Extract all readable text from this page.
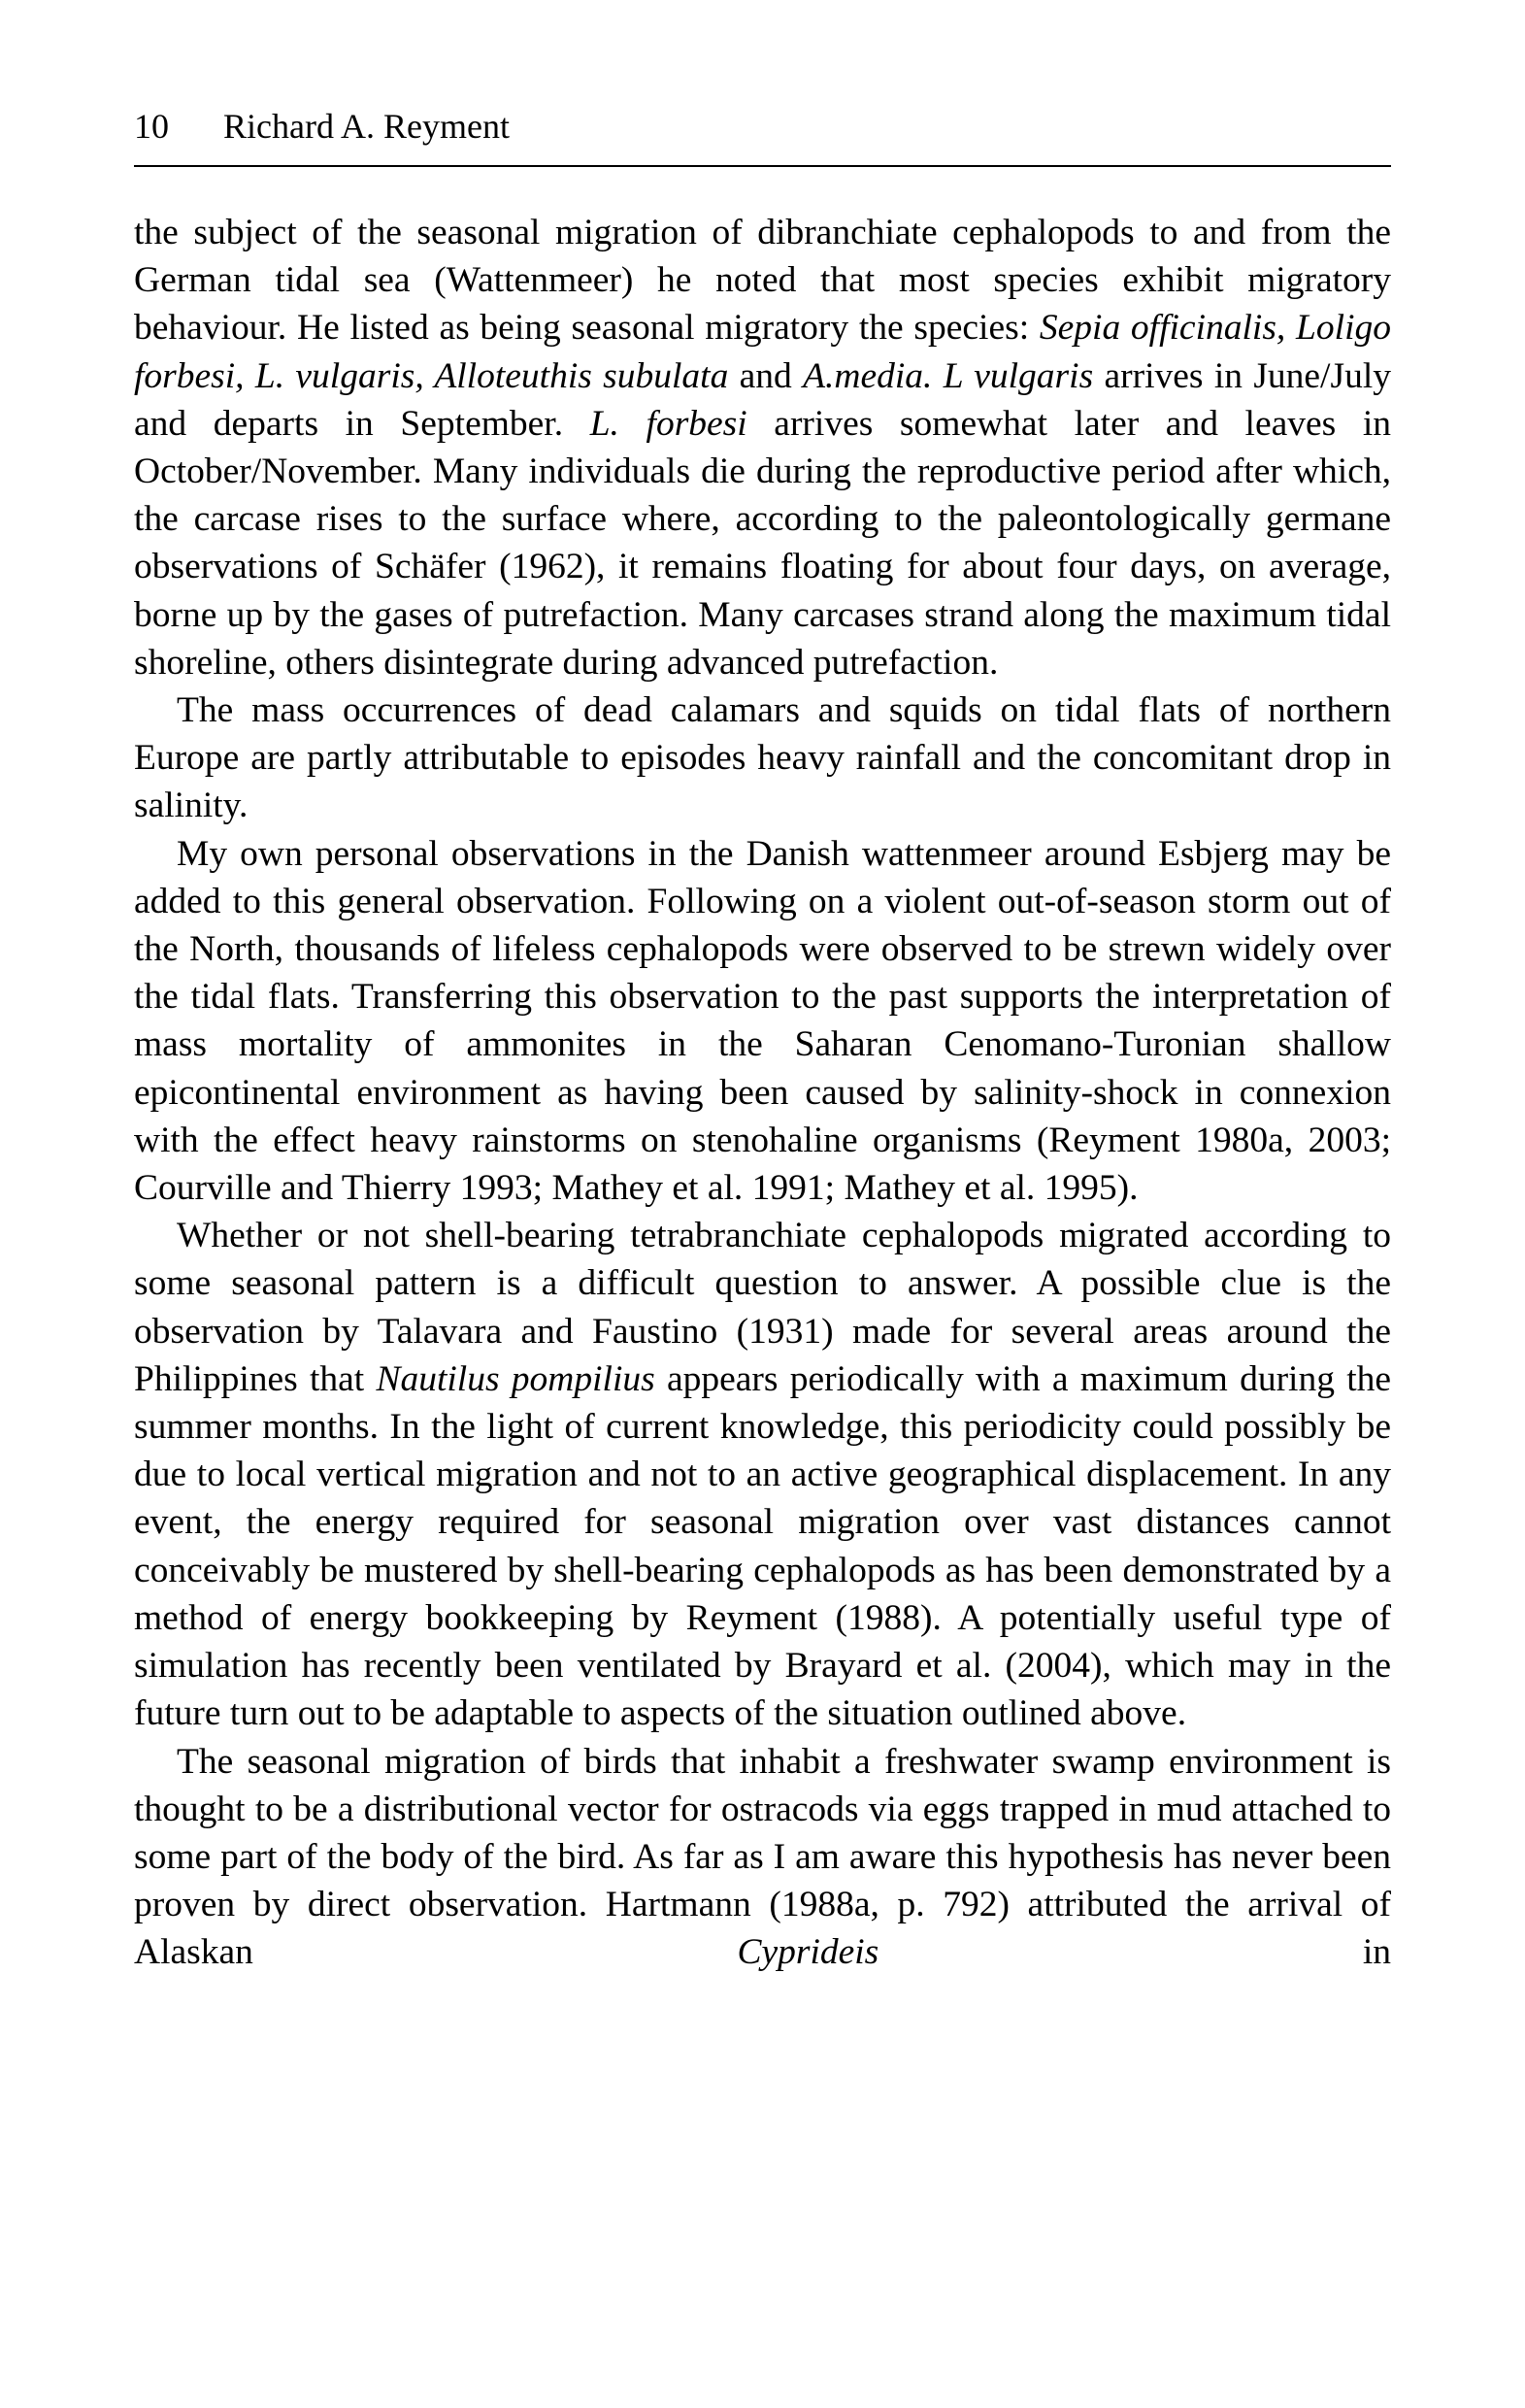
10 Richard A. Reyment

the subject of the seasonal migration of dibranchiate cephalopods to and from the German tidal sea (Wattenmeer) he noted that most species exhibit migratory behaviour. He listed as being seasonal migratory the species: Sepia officinalis, Loligo forbesi, L. vulgaris, Alloteuthis subulata and A.media. L vulgaris arrives in June/July and departs in September. L. forbesi arrives somewhat later and leaves in October/November. Many individuals die during the reproductive period after which, the carcase rises to the surface where, according to the paleontologically germane observations of Schäfer (1962), it remains floating for about four days, on average, borne up by the gases of putrefaction. Many carcases strand along the maximum tidal shoreline, others disintegrate during advanced putrefaction.

The mass occurrences of dead calamars and squids on tidal flats of northern Europe are partly attributable to episodes heavy rainfall and the concomitant drop in salinity.

My own personal observations in the Danish wattenmeer around Esbjerg may be added to this general observation. Following on a violent out-of-season storm out of the North, thousands of lifeless cephalopods were observed to be strewn widely over the tidal flats. Transferring this observation to the past supports the interpretation of mass mortality of ammonites in the Saharan Cenomano-Turonian shallow epicontinental environment as having been caused by salinity-shock in connexion with the effect heavy rainstorms on stenohaline organisms (Reyment 1980a, 2003; Courville and Thierry 1993; Mathey et al. 1991; Mathey et al. 1995).

Whether or not shell-bearing tetrabranchiate cephalopods migrated according to some seasonal pattern is a difficult question to answer. A possible clue is the observation by Talavara and Faustino (1931) made for several areas around the Philippines that Nautilus pompilius appears periodically with a maximum during the summer months. In the light of current knowledge, this periodicity could possibly be due to local vertical migration and not to an active geographical displacement. In any event, the energy required for seasonal migration over vast distances cannot conceivably be mustered by shell-bearing cephalopods as has been demonstrated by a method of energy bookkeeping by Reyment (1988). A potentially useful type of simulation has recently been ventilated by Brayard et al. (2004), which may in the future turn out to be adaptable to aspects of the situation outlined above.

The seasonal migration of birds that inhabit a freshwater swamp environment is thought to be a distributional vector for ostracods via eggs trapped in mud attached to some part of the body of the bird. As far as I am aware this hypothesis has never been proven by direct observation. Hartmann (1988a, p. 792) attributed the arrival of Alaskan Cyprideis in
